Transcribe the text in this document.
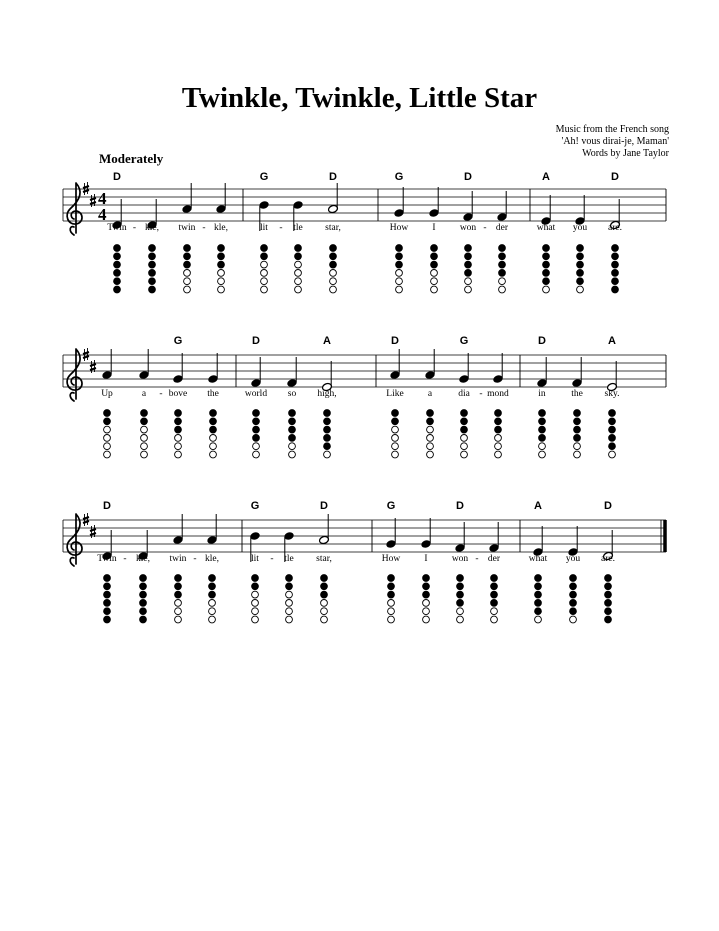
Twinkle, Twinkle, Little Star
Music from the French song
'Ah! vous dirai-je, Maman'
Words by Jane Taylor
Moderately
4
4
D	G	D	G	D	A	D
Twin kle, twin kle,	lit	tle star,	How	I	won der	what you are.
-	-	-	-
G	D	A	D	G	D	A
Up	a bove the	world so high,	Like	a	dia mond	in	the sky.
-	-
D	G	D	G	D	A	D
Twin kle, twin kle,	lit	tle star,	How	I	won der	what you are.
-	-	-	-
